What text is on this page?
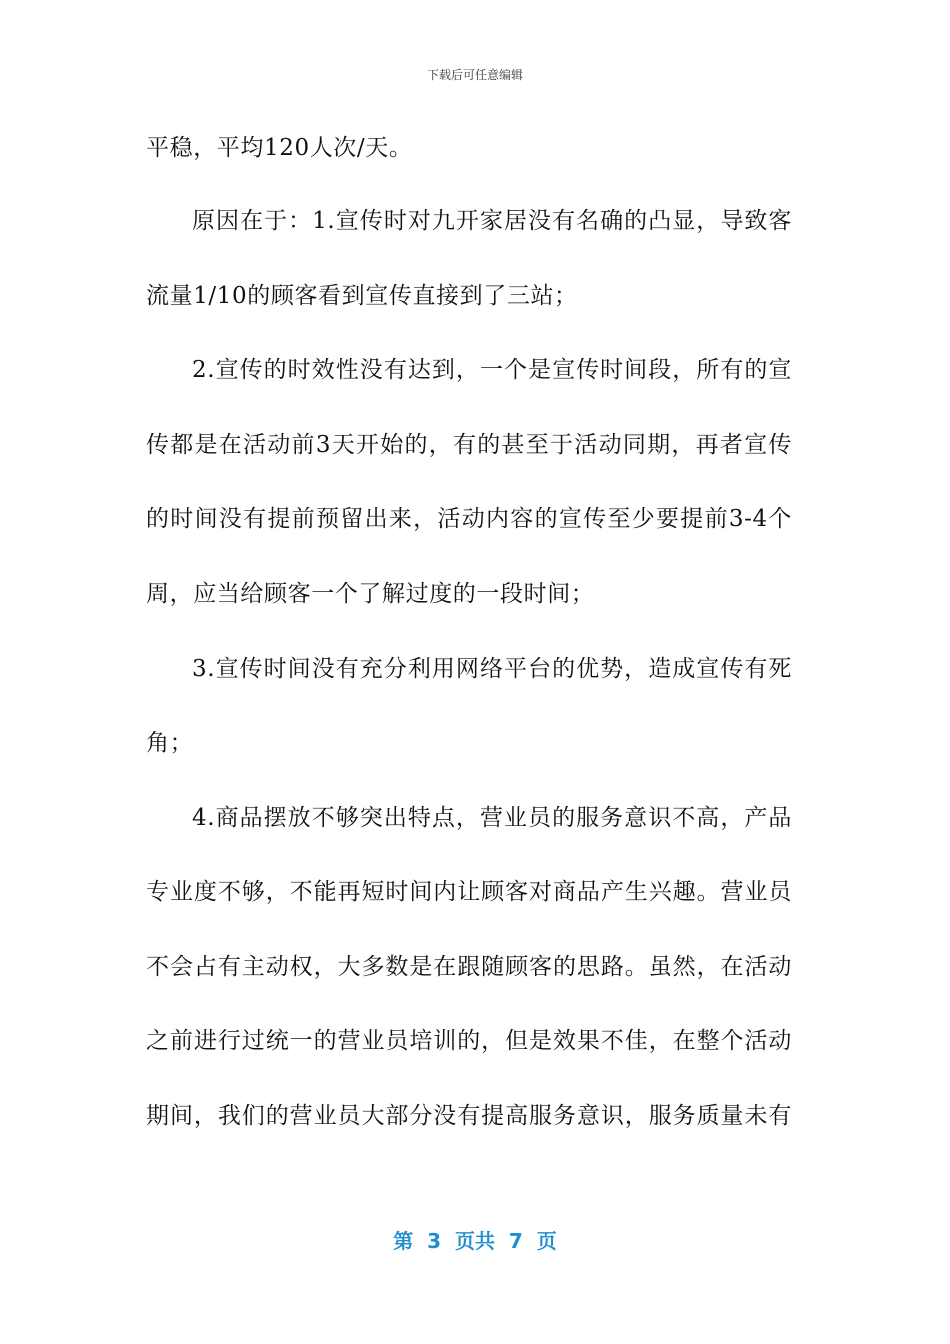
下载后可任意编辑
平稳，平均120人次/天。
原因在于：1.宣传时对九开家居没有名确的凸显，导致客
流量1/10的顾客看到宣传直接到了三站；
2.宣传的时效性没有达到，一个是宣传时间段，所有的宣
传都是在活动前3天开始的，有的甚至于活动同期，再者宣传
的时间没有提前预留出来，活动内容的宣传至少要提前3-4个
周，应当给顾客一个了解过度的一段时间；
3.宣传时间没有充分利用网络平台的优势，造成宣传有死
角；
4.商品摆放不够突出特点，营业员的服务意识不高，产品
专业度不够，不能再短时间内让顾客对商品产生兴趣。营业员
不会占有主动权，大多数是在跟随顾客的思路。虽然，在活动
之前进行过统一的营业员培训的，但是效果不佳，在整个活动
期间，我们的营业员大部分没有提高服务意识，服务质量未有
第  3  页共  7  页
